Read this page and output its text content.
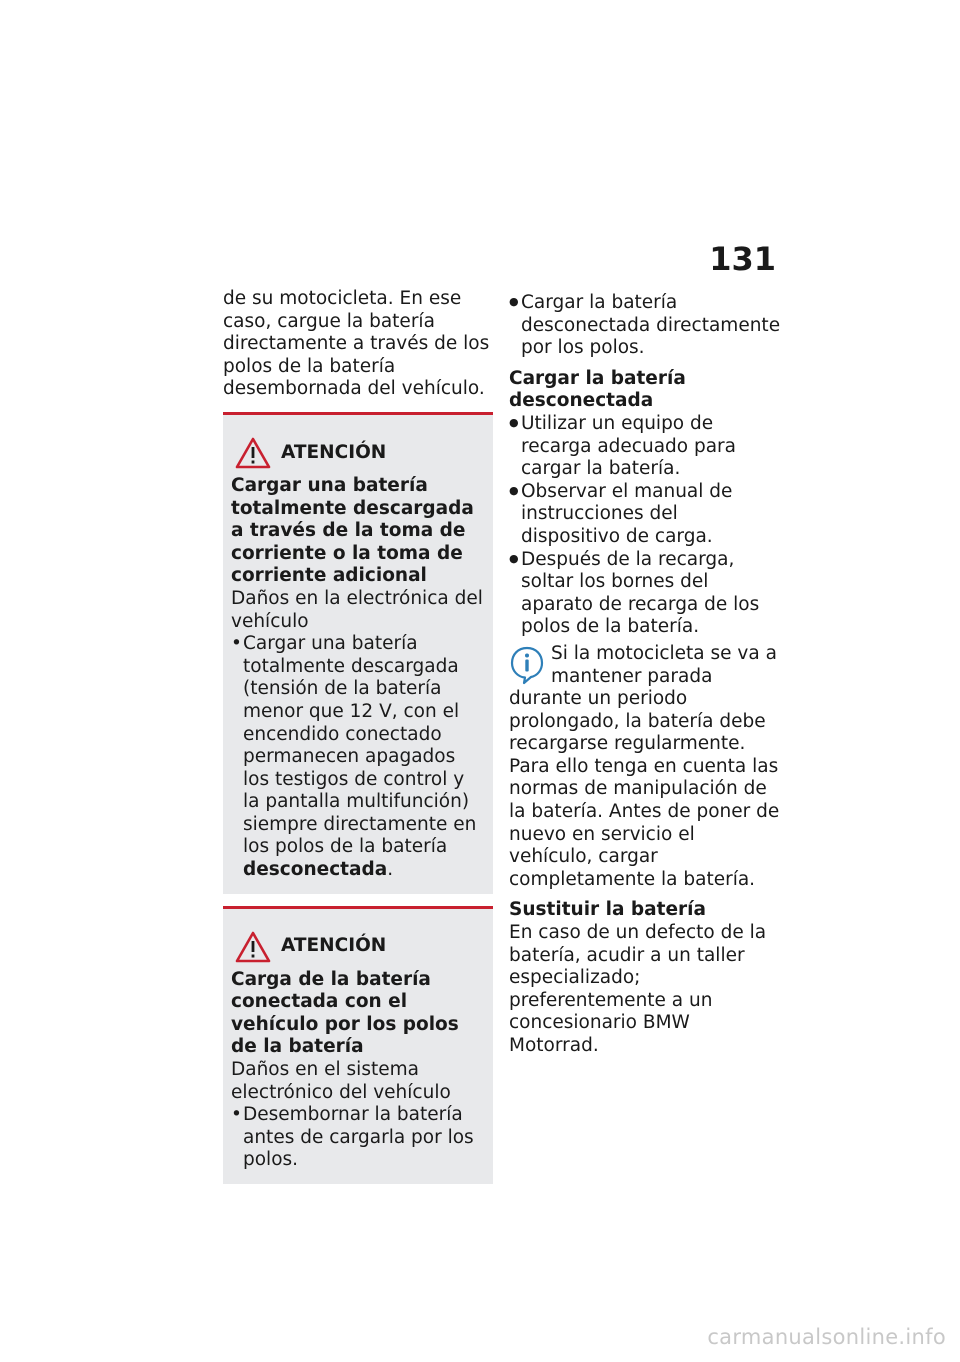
131

de su motocicleta. En ese caso, cargue la batería directamente a través de los polos de la batería desembornada del vehículo.

ATENCIÓN

Cargar una batería totalmente descargada a través de la toma de corriente o la toma de corriente adicional

Daños en la electrónica del vehículo

• Cargar una batería totalmente descargada (tensión de la batería menor que 12 V, con el encendido conectado permanecen apagados los testigos de control y la pantalla multifunción) siempre directamente en los polos de la batería desconectada.
ATENCIÓN

Carga de la batería conectada con el vehículo por los polos de la batería

Daños en el sistema electrónico del vehículo

• Desembornar la batería antes de cargarla por los polos.
● Cargar la batería desconectada directamente por los polos.

Cargar la batería desconectada

● Utilizar un equipo de recarga adecuado para cargar la batería.
● Observar el manual de instrucciones del dispositivo de carga.
● Después de la recarga, soltar los bornes del aparato de recarga de los polos de la batería.

Si la motocicleta se va a mantener parada durante un periodo prolongado, la batería debe recargarse regularmente. Para ello tenga en cuenta las normas de manipulación de la batería. Antes de poner de nuevo en servicio el vehículo, cargar completamente la batería.

Sustituir la batería

En caso de un defecto de la batería, acudir a un taller especializado; preferentemente a un concesionario BMW Motorrad.

carmanualsonline.info
